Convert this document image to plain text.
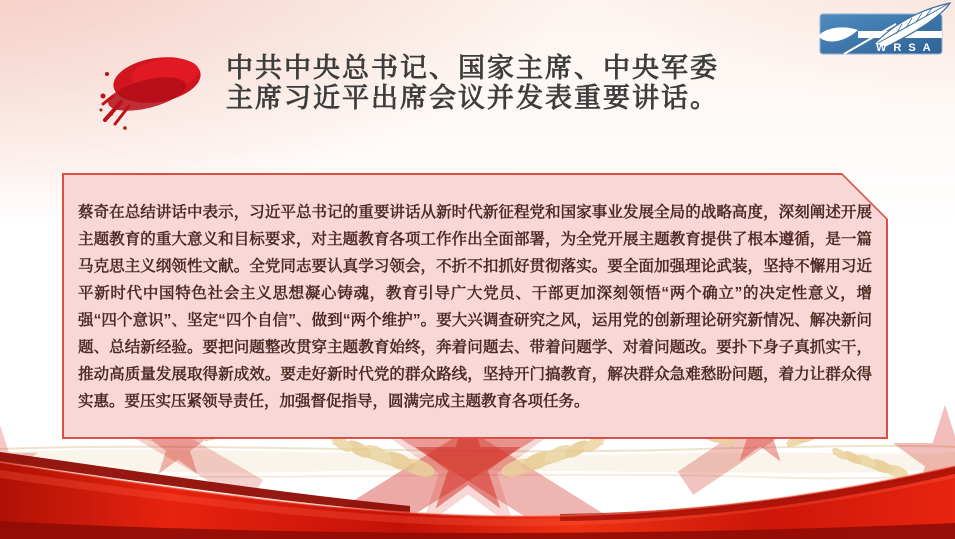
中共中央总书记、国家主席、中央军委
主席习近平出席会议并发表重要讲话。
WRSA

蔡奇在总结讲话中表示，习近平总书记的重要讲话从新时代新征程党和国家事业发展全局的战略高度，深刻阐述开展主题教育的重大意义和目标要求，对主题教育各项工作作出全面部署，为全党开展主题教育提供了根本遵循，是一篇马克思主义纲领性文献。全党同志要认真学习领会，不折不扣抓好贯彻落实。要全面加强理论武装，坚持不懈用习近平新时代中国特色社会主义思想凝心铸魂，教育引导广大党员、干部更加深刻领悟“两个确立”的决定性意义，增强“四个意识”、坚定“四个自信”、做到“两个维护”。要大兴调查研究之风，运用党的创新理论研究新情况、解决新问题、总结新经验。要把问题整改贯穿主题教育始终，奔着问题去、带着问题学、对着问题改。要扑下身子真抓实干，推动高质量发展取得新成效。要走好新时代党的群众路线，坚持开门搞教育，解决群众急难愁盼问题，着力让群众得实惠。要压实压紧领导责任，加强督促指导，圆满完成主题教育各项任务。
